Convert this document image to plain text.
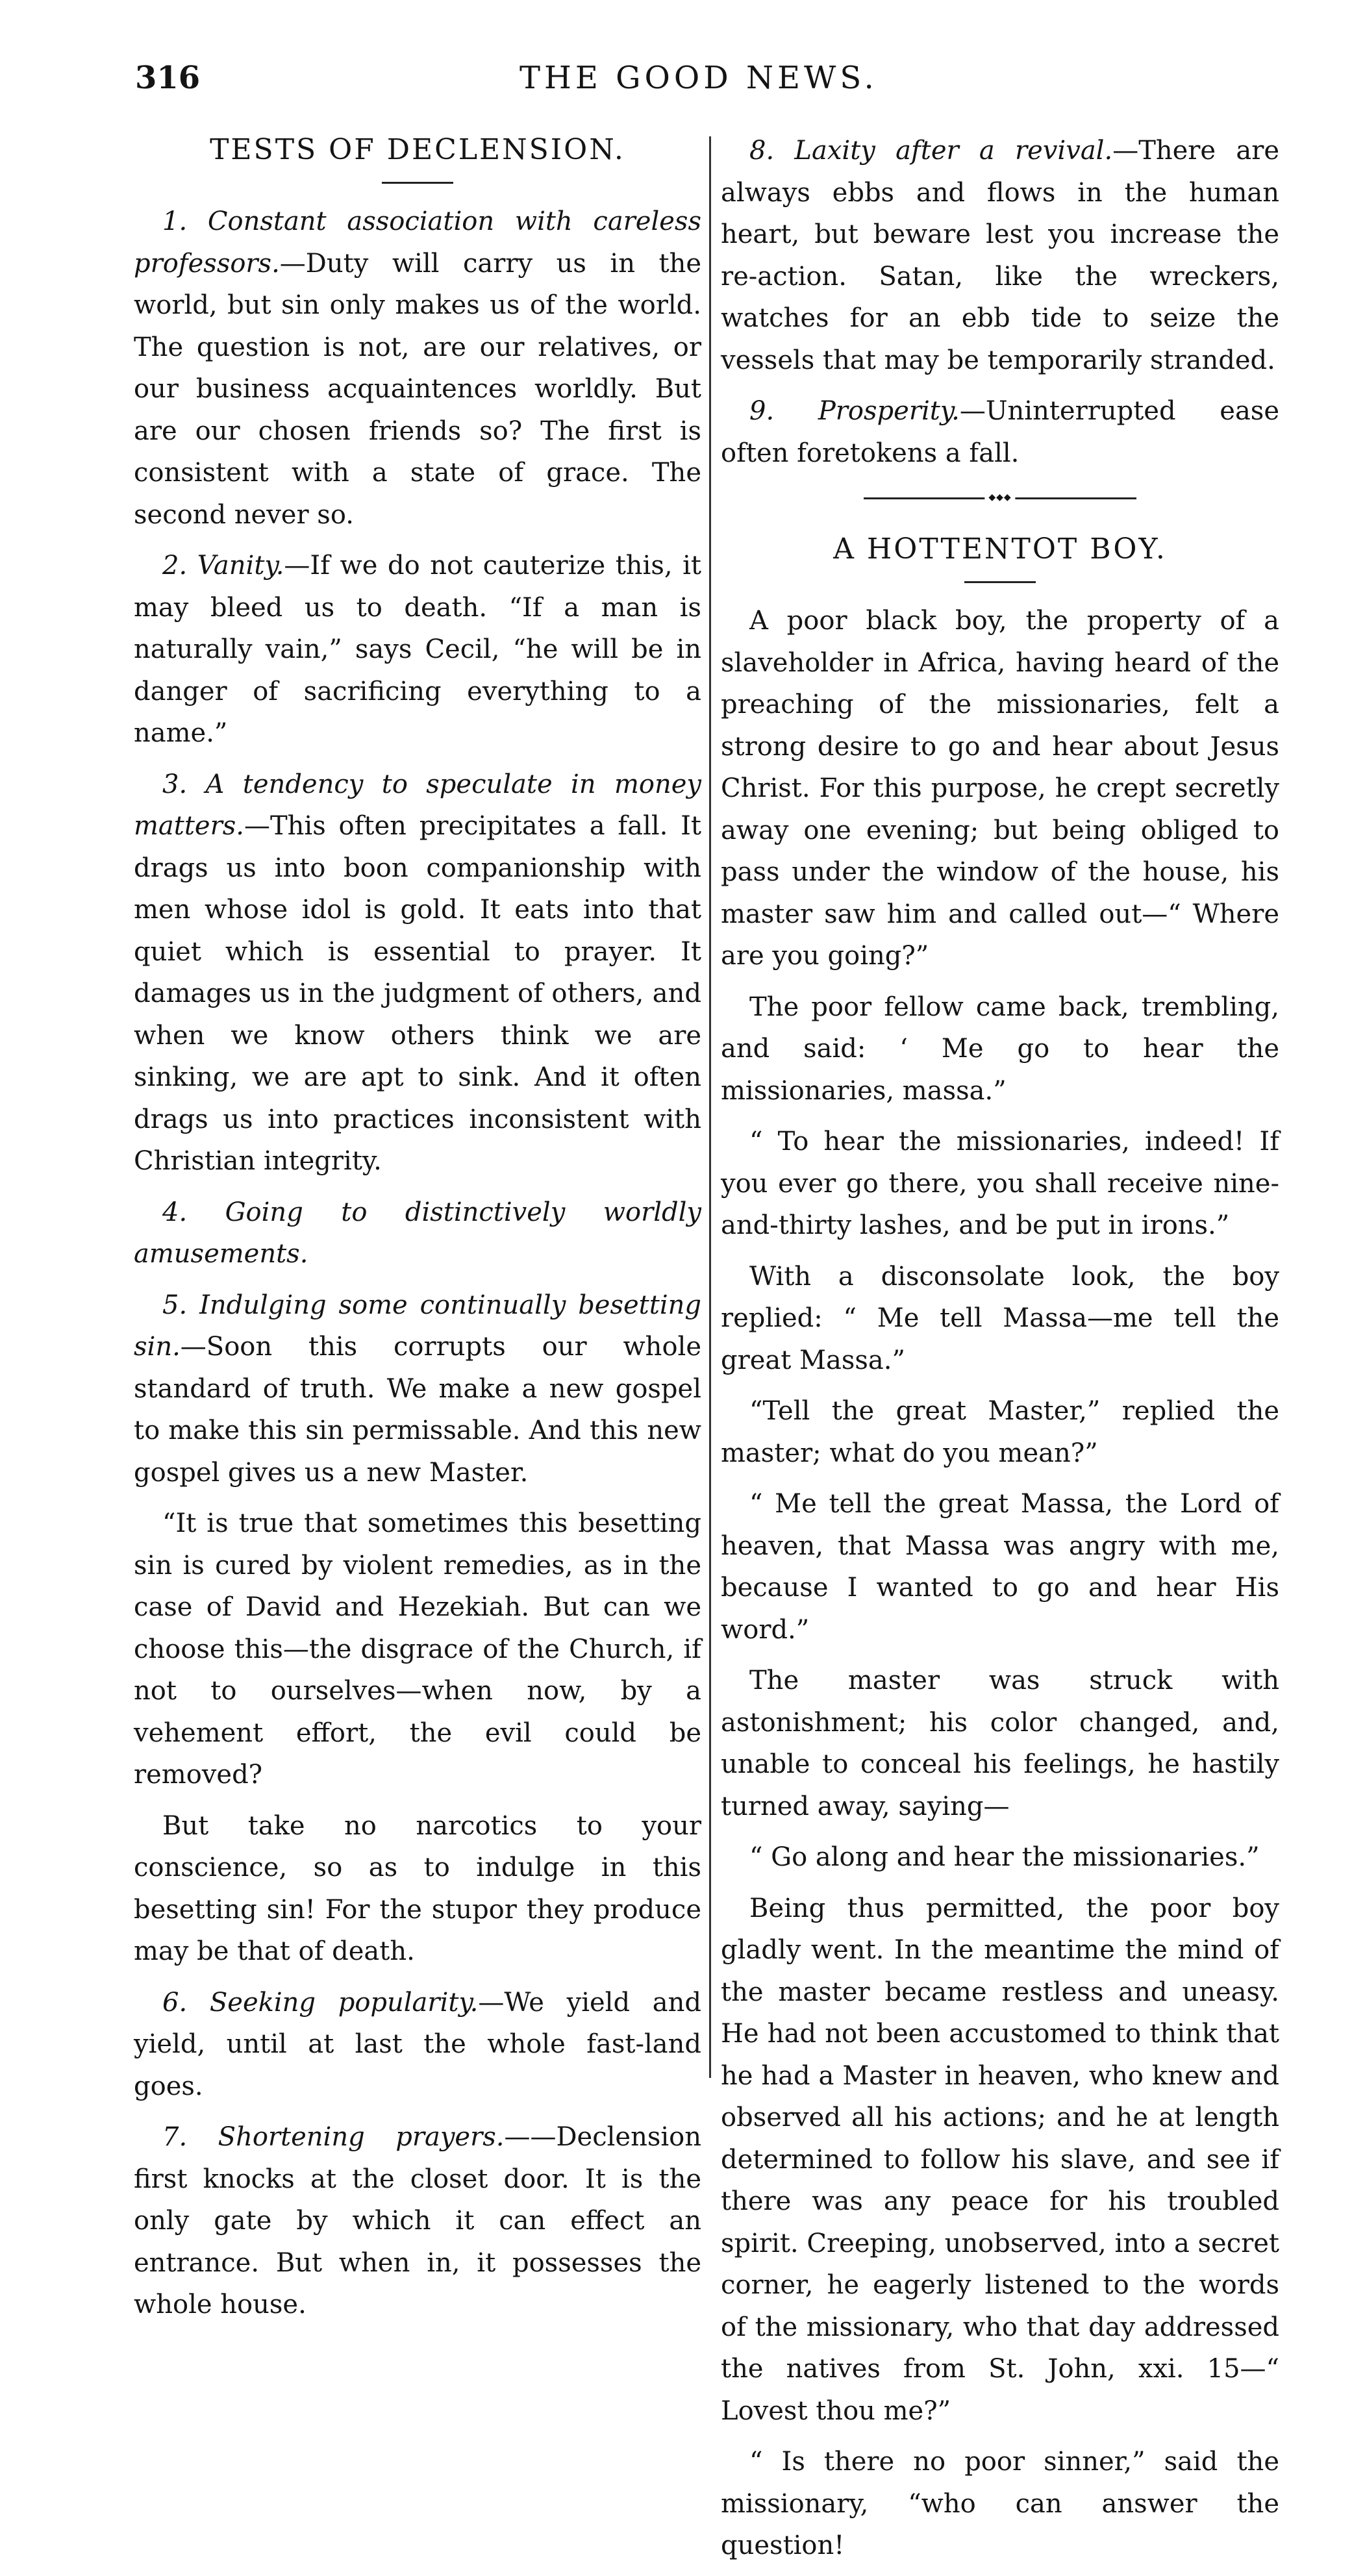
316	THE GOOD NEWS.
TESTS OF DECLENSION.

1. Constant association with careless professors.—Duty will carry us in the world, but sin only makes us of the world. The question is not, are our relatives, or our business acquaintences worldly. But are our chosen friends so? The first is consistent with a state of grace. The second never so.

2. Vanity.—If we do not cauterize this, it may bleed us to death. “If a man is naturally vain,” says Cecil, “he will be in danger of sacrificing everything to a name.”

3. A tendency to speculate in money matters.—This often precipitates a fall. It drags us into boon companionship with men whose idol is gold. It eats into that quiet which is essential to prayer. It damages us in the judgment of others, and when we know others think we are sinking, we are apt to sink. And it often drags us into practices inconsistent with Christian integrity.

4. Going to distinctively worldly amusements.

5. Indulging some continually besetting sin.—Soon this corrupts our whole standard of truth. We make a new gospel to make this sin permissable. And this new gospel gives us a new Master.

“It is true that sometimes this besetting sin is cured by violent remedies, as in the case of David and Hezekiah. But can we choose this—the disgrace of the Church, if not to ourselves—when now, by a vehement effort, the evil could be removed?

But take no narcotics to your conscience, so as to indulge in this besetting sin! For the stupor they produce may be that of death.

6. Seeking popularity.—We yield and yield, until at last the whole fast-land goes.

7. Shortening prayers.——Declension first knocks at the closet door. It is the only gate by which it can effect an entrance. But when in, it possesses the whole house.

8. Laxity after a revival.—There are always ebbs and flows in the human heart, but beware lest you increase the re-action. Satan, like the wreckers, watches for an ebb tide to seize the vessels that may be temporarily stranded.

9. Prosperity.—Uninterrupted ease often foretokens a fall.

◆◆◆
A HOTTENTOT BOY.

A poor black boy, the property of a slaveholder in Africa, having heard of the preaching of the missionaries, felt a strong desire to go and hear about Jesus Christ. For this purpose, he crept secretly away one evening; but being obliged to pass under the window of the house, his master saw him and called out—“ Where are you going?”

The poor fellow came back, trembling, and said: ‘ Me go to hear the missionaries, massa.”

“ To hear the missionaries, indeed! If you ever go there, you shall receive nine-and-thirty lashes, and be put in irons.”

With a disconsolate look, the boy replied: “ Me tell Massa—me tell the great Massa.”

“Tell the great Master,” replied the master; what do you mean?”

“ Me tell the great Massa, the Lord of heaven, that Massa was angry with me, because I wanted to go and hear His word.”

The master was struck with astonishment; his color changed, and, unable to conceal his feelings, he hastily turned away, saying—

“ Go along and hear the missionaries.”

Being thus permitted, the poor boy gladly went. In the meantime the mind of the master became restless and uneasy. He had not been accustomed to think that he had a Master in heaven, who knew and observed all his actions; and he at length determined to follow his slave, and see if there was any peace for his troubled spirit. Creeping, unobserved, into a secret corner, he eagerly listened to the words of the missionary, who that day addressed the natives from St. John, xxi. 15—“ Lovest thou me?”

“ Is there no poor sinner,” said the missionary, “who can answer the question!
